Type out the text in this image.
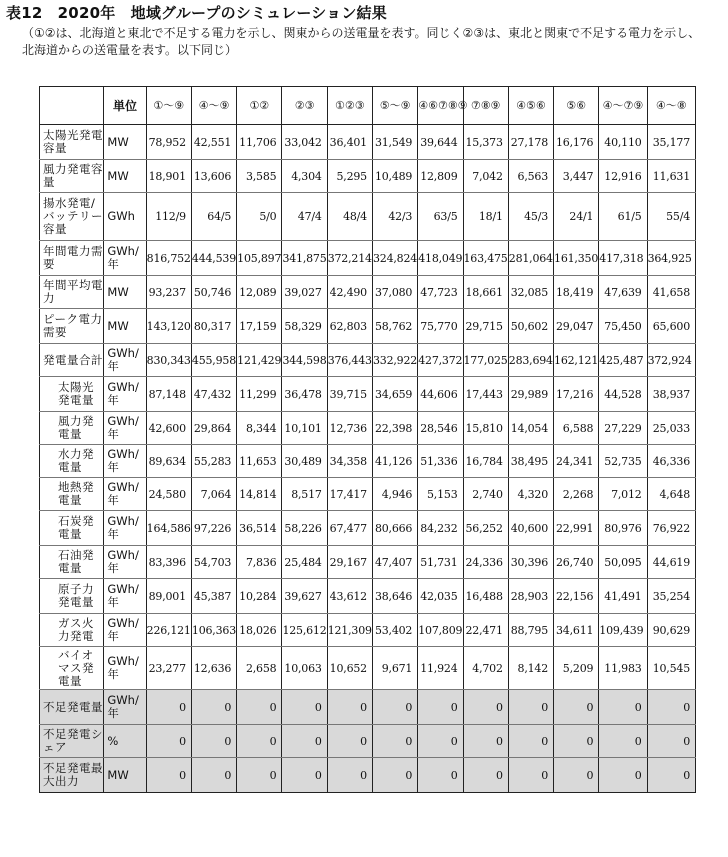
表12　2020年　地域グループのシミュレーション結果
（①②は、北海道と東北で不足する電力を示し、関東からの送電量を表す。同じく②③は、東北と関東で不足する電力を示し、北海道からの送電量を表す。以下同じ）
	単位	①～⑨	④～⑨	①②	②③	①②③	⑤～⑨	④⑥⑦⑧⑨	⑦⑧⑨	④⑤⑥	⑤⑥	④～⑦⑨	④～⑧
太陽光発電容量	MW	78,952	42,551	11,706	33,042	36,401	31,549	39,644	15,373	27,178	16,176	40,110	35,177
風力発電容量	MW	18,901	13,606	3,585	4,304	5,295	10,489	12,809	7,042	6,563	3,447	12,916	11,631
揚水発電/バッテリー容量	GWh	112/9	64/5	5/0	47/4	48/4	42/3	63/5	18/1	45/3	24/1	61/5	55/4
年間電力需要	GWh/年	816,752	444,539	105,897	341,875	372,214	324,824	418,049	163,475	281,064	161,350	417,318	364,925
年間平均電力	MW	93,237	50,746	12,089	39,027	42,490	37,080	47,723	18,661	32,085	18,419	47,639	41,658
ピーク電力需要	MW	143,120	80,317	17,159	58,329	62,803	58,762	75,770	29,715	50,602	29,047	75,450	65,600
発電量合計	GWh/年	830,343	455,958	121,429	344,598	376,443	332,922	427,372	177,025	283,694	162,121	425,487	372,924
太陽光発電量	GWh/年	87,148	47,432	11,299	36,478	39,715	34,659	44,606	17,443	29,989	17,216	44,528	38,937
風力発電量	GWh/年	42,600	29,864	8,344	10,101	12,736	22,398	28,546	15,810	14,054	6,588	27,229	25,033
水力発電量	GWh/年	89,634	55,283	11,653	30,489	34,358	41,126	51,336	16,784	38,495	24,341	52,735	46,336
地熱発電量	GWh/年	24,580	7,064	14,814	8,517	17,417	4,946	5,153	2,740	4,320	2,268	7,012	4,648
石炭発電量	GWh/年	164,586	97,226	36,514	58,226	67,477	80,666	84,232	56,252	40,600	22,991	80,976	76,922
石油発電量	GWh/年	83,396	54,703	7,836	25,484	29,167	47,407	51,731	24,336	30,396	26,740	50,095	44,619
原子力発電量	GWh/年	89,001	45,387	10,284	39,627	43,612	38,646	42,035	16,488	28,903	22,156	41,491	35,254
ガス火力発電	GWh/年	226,121	106,363	18,026	125,612	121,309	53,402	107,809	22,471	88,795	34,611	109,439	90,629
バイオマス発電量	GWh/年	23,277	12,636	2,658	10,063	10,652	9,671	11,924	4,702	8,142	5,209	11,983	10,545
不足発電量	GWh/年	0	0	0	0	0	0	0	0	0	0	0	0
不足発電シェア	%	0	0	0	0	0	0	0	0	0	0	0	0
不足発電最大出力	MW	0	0	0	0	0	0	0	0	0	0	0	0
